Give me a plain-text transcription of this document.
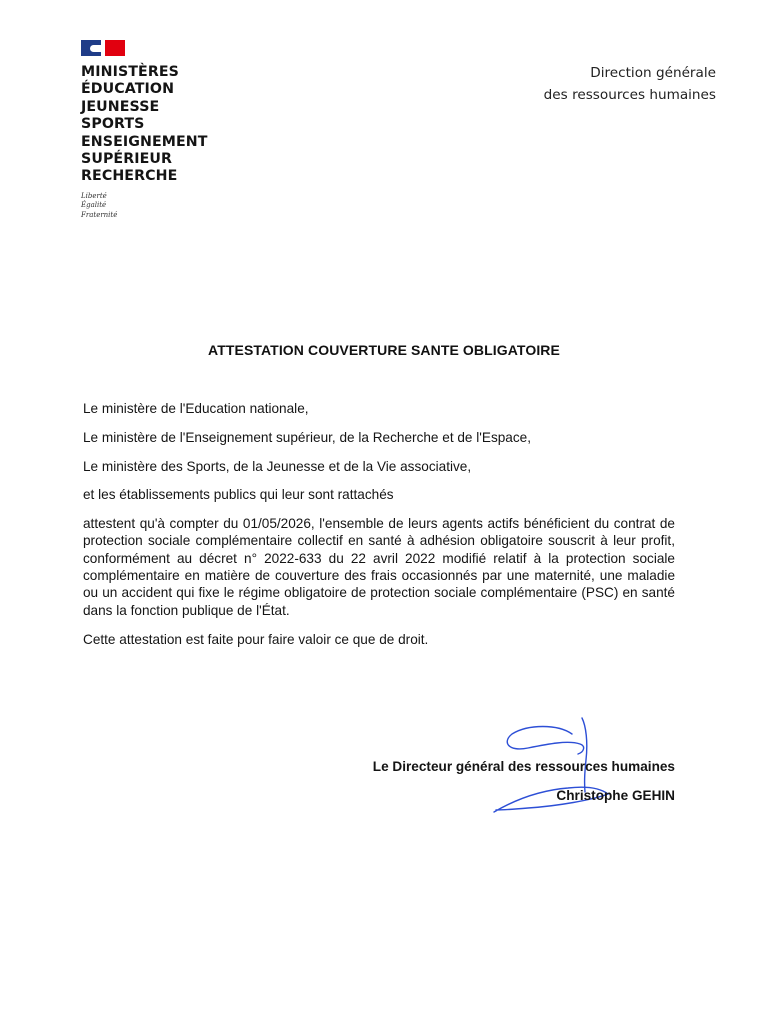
MINISTÈRES
ÉDUCATION
JEUNESSE
SPORTS
ENSEIGNEMENT
SUPÉRIEUR
RECHERCHE
Liberté
Égalité
Fraternité
Direction générale
des ressources humaines
ATTESTATION COUVERTURE SANTE OBLIGATOIRE

Le ministère de l'Education nationale,

Le ministère de l'Enseignement supérieur, de la Recherche et de l'Espace,

Le ministère des Sports, de la Jeunesse et de la Vie associative,

et les établissements publics qui leur sont rattachés

attestent qu'à compter du 01/05/2026, l'ensemble de leurs agents actifs bénéficient du contrat de protection sociale complémentaire collectif en santé à adhésion obligatoire souscrit à leur profit, conformément au décret n° 2022-633 du 22 avril 2022 modifié relatif à la protection sociale complémentaire en matière de couverture des frais occasionnés par une maternité, une maladie ou un accident qui fixe le régime obligatoire de protection sociale complémentaire (PSC) en santé dans la fonction publique de l'État.

Cette attestation est faite pour faire valoir ce que de droit.

Le Directeur général des ressources humaines
Christophe GEHIN
